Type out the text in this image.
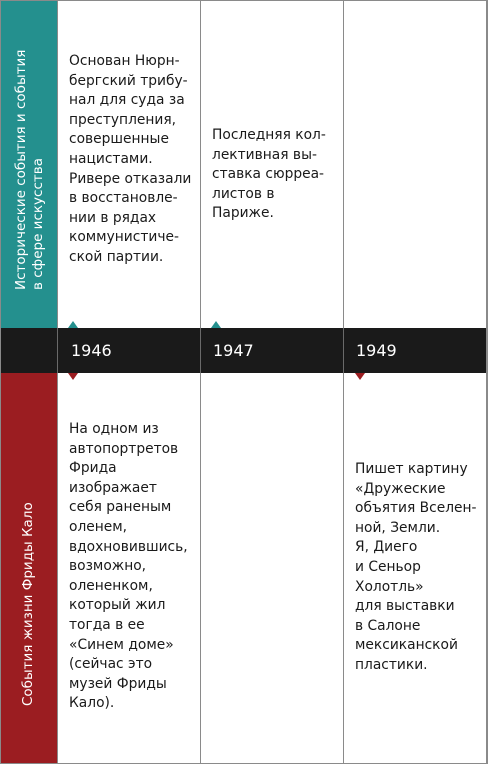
Исторические события и события
в сфере искусства
События жизни Фриды Кало
1946	1947	1949
Основан Нюрн-
бергский трибу-
нал для суда за
преступления,
совершенные
нацистами.
Ривере отказали
в восстановле-
нии в рядах
коммунистиче-
ской партии.
Последняя кол-
лективная вы-
ставка сюрреа-
листов в Париже.
На одном из
автопортретов
Фрида
изображает
себя раненым
оленем,
вдохновившись,
возможно,
олененком,
который жил
тогда в ее
«Синем доме»
(сейчас это
музей Фриды
Кало).
Пишет картину
«Дружеские
объятия Вселен-
ной, Земли.
Я, Диего
и Сеньор
Холотль»
для выставки
в Салоне
мексиканской
пластики.
